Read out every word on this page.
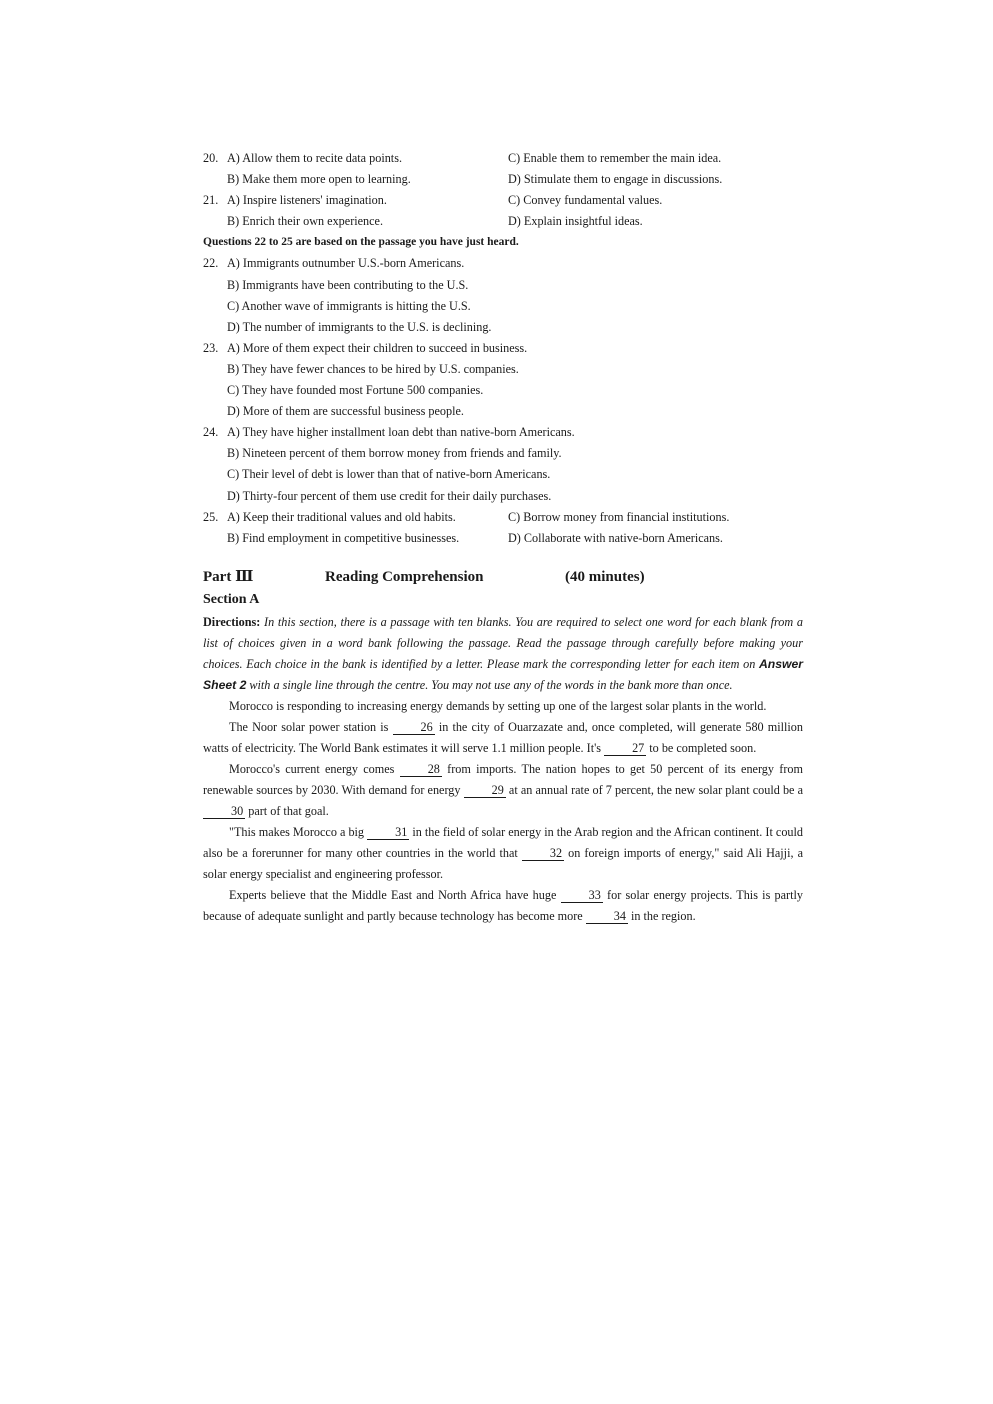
20. A) Allow them to recite data points.	C) Enable them to remember the main idea.
B) Make them more open to learning.	D) Stimulate them to engage in discussions.
21. A) Inspire listeners' imagination.	C) Convey fundamental values.
B) Enrich their own experience.	D) Explain insightful ideas.
Questions 22 to 25 are based on the passage you have just heard.
22. A) Immigrants outnumber U.S.-born Americans.
B) Immigrants have been contributing to the U.S.
C) Another wave of immigrants is hitting the U.S.
D) The number of immigrants to the U.S. is declining.
23. A) More of them expect their children to succeed in business.
B) They have fewer chances to be hired by U.S. companies.
C) They have founded most Fortune 500 companies.
D) More of them are successful business people.
24. A) They have higher installment loan debt than native-born Americans.
B) Nineteen percent of them borrow money from friends and family.
C) Their level of debt is lower than that of native-born Americans.
D) Thirty-four percent of them use credit for their daily purchases.
25. A) Keep their traditional values and old habits.	C) Borrow money from financial institutions.
B) Find employment in competitive businesses.	D) Collaborate with native-born Americans.
Part Ⅲ	Reading Comprehension	(40 minutes)
Section A
Directions: In this section, there is a passage with ten blanks. You are required to select one word for each blank from a list of choices given in a word bank following the passage. Read the passage through carefully before making your choices. Each choice in the bank is identified by a letter. Please mark the corresponding letter for each item on Answer Sheet 2 with a single line through the centre. You may not use any of the words in the bank more than once.

Morocco is responding to increasing energy demands by setting up one of the largest solar plants in the world.

The Noor solar power station is 26 in the city of Ouarzazate and, once completed, will generate 580 million watts of electricity. The World Bank estimates it will serve 1.1 million people. It's 27 to be completed soon.

Morocco's current energy comes 28 from imports. The nation hopes to get 50 percent of its energy from renewable sources by 2030. With demand for energy 29 at an annual rate of 7 percent, the new solar plant could be a 30 part of that goal.

"This makes Morocco a big 31 in the field of solar energy in the Arab region and the African continent. It could also be a forerunner for many other countries in the world that 32 on foreign imports of energy," said Ali Hajji, a solar energy specialist and engineering professor.

Experts believe that the Middle East and North Africa have huge 33 for solar energy projects. This is partly because of adequate sunlight and partly because technology has become more 34 in the region.
